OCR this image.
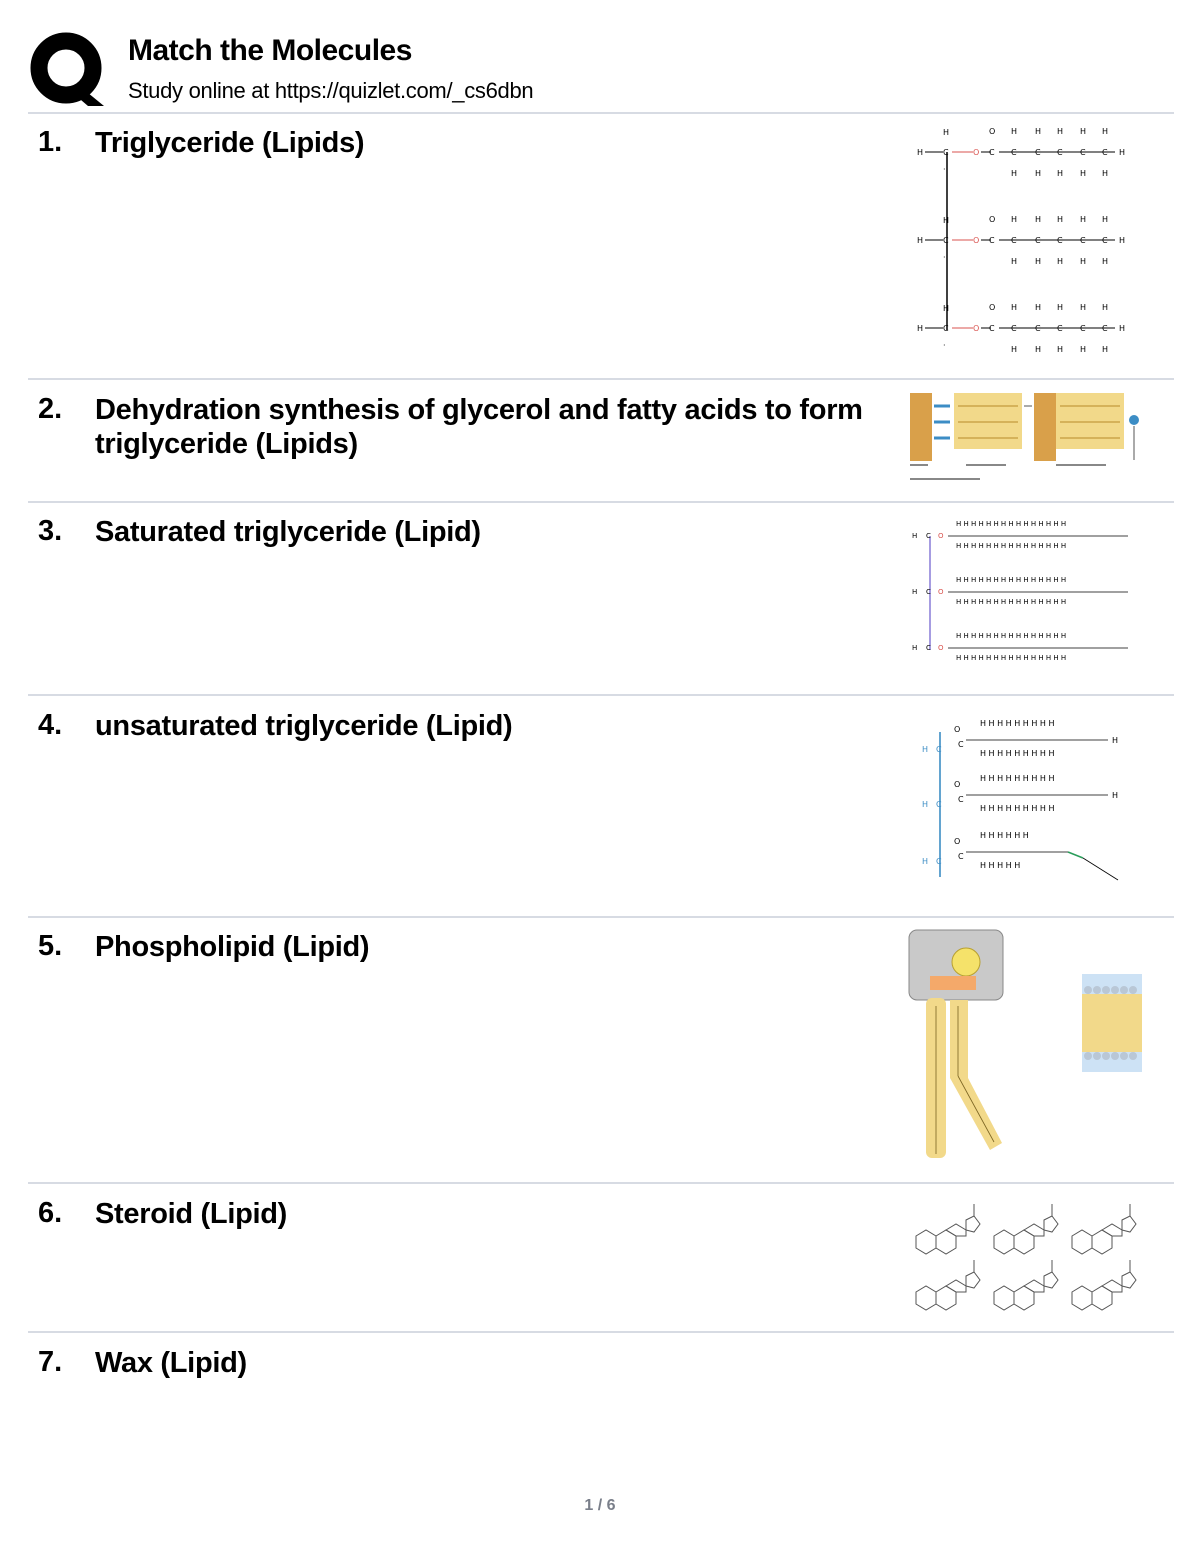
Match the Molecules
Study online at https://quizlet.com/_cs6dbn
1. Triglyceride (Lipids)	H
H
·
C	O
O
C
H
C
H
H
C
H
H
C
H
H
C
H
H
C
H
H
2. Dehydration synthesis of glycerol and fatty acids to form triglyceride (Lipids)
3. Saturated triglyceride (Lipid)	H C O
H H H H H H H H H H H H H H H
H H H H H H H H H H H H H H H
4. unsaturated triglyceride (Lipid)
H C
O
C
H H H H H H H H H
H H H H H H H H H
H
H C
O
C
H H H H H H
H H H H H
5. Phospholipid (Lipid)
6. Steroid (Lipid)
7. Wax (Lipid)
1 / 6
